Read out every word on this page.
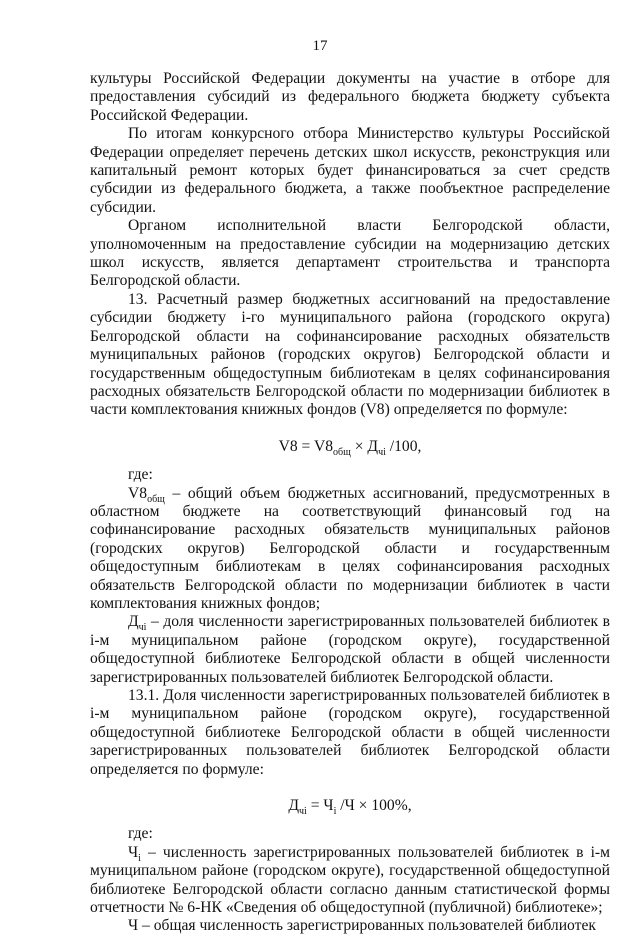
17

культуры Российской Федерации документы на участие в отборе для предоставления субсидий из федерального бюджета бюджету субъекта Российской Федерации.

По итогам конкурсного отбора Министерство культуры Российской Федерации определяет перечень детских школ искусств, реконструкция или капитальный ремонт которых будет финансироваться за счет средств субсидии из федерального бюджета, а также пообъектное распределение субсидии.

Органом исполнительной власти Белгородской области, уполномоченным на предоставление субсидии на модернизацию детских школ искусств, является департамент строительства и транспорта Белгородской области.

13. Расчетный размер бюджетных ассигнований на предоставление субсидии бюджету i-го муниципального района (городского округа) Белгородской области на софинансирование расходных обязательств муниципальных районов (городских округов) Белгородской области и государственным общедоступным библиотекам в целях софинансирования расходных обязательств Белгородской области по модернизации библиотек в части комплектования книжных фондов (V8) определяется по формуле:

$V8 = V8_{общ} \times Д_{чi}$ /100,

где:

$V8_{общ}$ – общий объем бюджетных ассигнований, предусмотренных в областном бюджете на соответствующий финансовый год на софинансирование расходных обязательств муниципальных районов (городских округов) Белгородской области и государственным общедоступным библиотекам в целях софинансирования расходных обязательств Белгородской области по модернизации библиотек в части комплектования книжных фондов;

$Д_{чi}$ – доля численности зарегистрированных пользователей библиотек в i-м муниципальном районе (городском округе), государственной общедоступной библиотеке Белгородской области в общей численности зарегистрированных пользователей библиотек Белгородской области.

13.1. Доля численности зарегистрированных пользователей библиотек в i-м муниципальном районе (городском округе), государственной общедоступной библиотеке Белгородской области в общей численности зарегистрированных пользователей библиотек Белгородской области определяется по формуле:

$Д_{чi} = Ч_i$ /Ч × 100%,

где:

$Ч_i$ – численность зарегистрированных пользователей библиотек в i-м муниципальном районе (городском округе), государственной общедоступной библиотеке Белгородской области согласно данным статистической формы отчетности № 6-НК «Сведения об общедоступной (публичной) библиотеке»;

Ч – общая численность зарегистрированных пользователей библиотек
